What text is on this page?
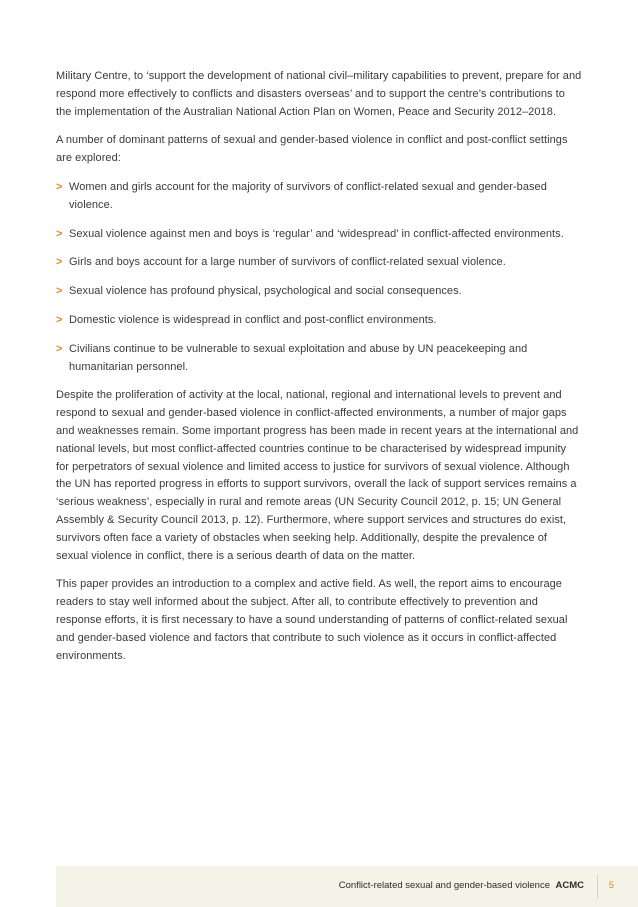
Military Centre, to ‘support the development of national civil–military capabilities to prevent, prepare for and respond more effectively to conflicts and disasters overseas’ and to support the centre’s contributions to the implementation of the Australian National Action Plan on Women, Peace and Security 2012–2018.

A number of dominant patterns of sexual and gender-based violence in conflict and post-conflict settings are explored:

> Women and girls account for the majority of survivors of conflict-related sexual and gender-based violence.
> Sexual violence against men and boys is ‘regular’ and ‘widespread’ in conflict-affected environments.
> Girls and boys account for a large number of survivors of conflict-related sexual violence.
> Sexual violence has profound physical, psychological and social consequences.
> Domestic violence is widespread in conflict and post-conflict environments.
> Civilians continue to be vulnerable to sexual exploitation and abuse by UN peacekeeping and humanitarian personnel.

Despite the proliferation of activity at the local, national, regional and international levels to prevent and respond to sexual and gender-based violence in conflict-affected environments, a number of major gaps and weaknesses remain. Some important progress has been made in recent years at the international and national levels, but most conflict-affected countries continue to be characterised by widespread impunity for perpetrators of sexual violence and limited access to justice for survivors of sexual violence. Although the UN has reported progress in efforts to support survivors, overall the lack of support services remains a ‘serious weakness’, especially in rural and remote areas (UN Security Council 2012, p. 15; UN General Assembly & Security Council 2013, p. 12). Furthermore, where support services and structures do exist, survivors often face a variety of obstacles when seeking help. Additionally, despite the prevalence of sexual violence in conflict, there is a serious dearth of data on the matter.

This paper provides an introduction to a complex and active field. As well, the report aims to encourage readers to stay well informed about the subject. After all, to contribute effectively to prevention and response efforts, it is first necessary to have a sound understanding of patterns of conflict-related sexual and gender-based violence and factors that contribute to such violence as it occurs in conflict-affected environments.

Conflict-related sexual and gender-based violence ACMC	5
